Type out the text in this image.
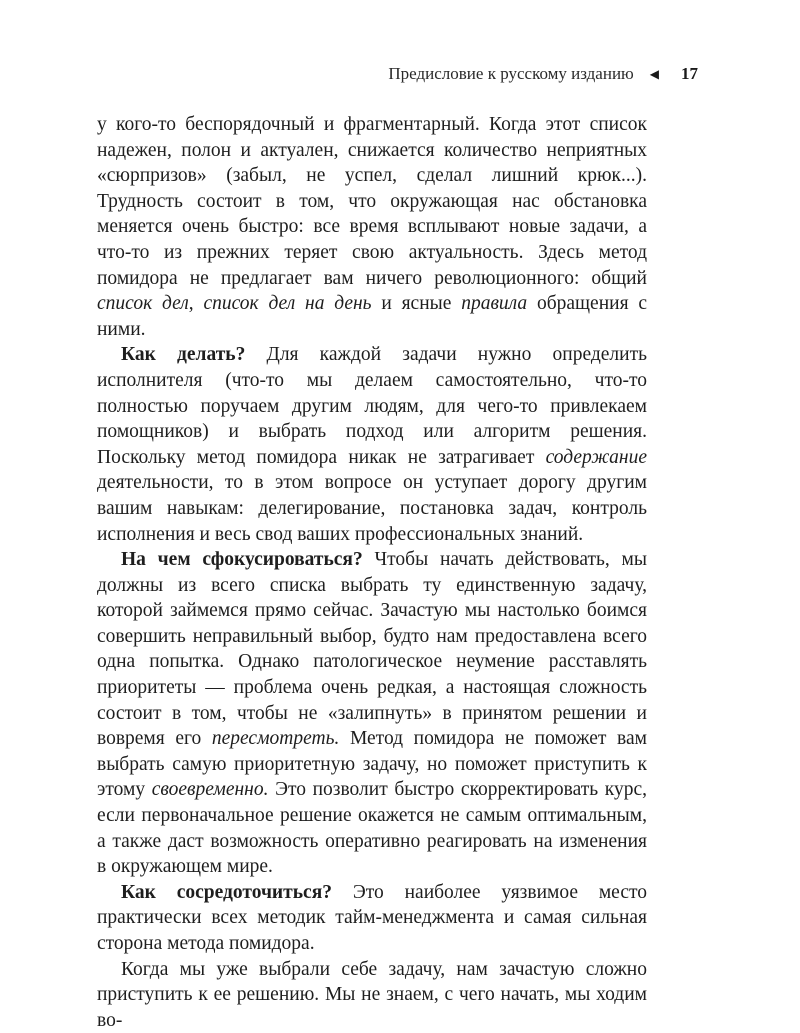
Предисловие к русскому изданию ◀ 17

у кого-то беспорядочный и фрагментарный. Когда этот список надежен, полон и актуален, снижается количество неприятных «сюрпризов» (забыл, не успел, сделал лишний крюк...). Трудность состоит в том, что окружающая нас обстановка меняется очень быстро: все время всплывают новые задачи, а что-то из прежних теряет свою актуальность. Здесь метод помидора не предлагает вам ничего революционного: общий список дел, список дел на день и ясные правила обращения с ними.

Как делать? Для каждой задачи нужно определить исполнителя (что-то мы делаем самостоятельно, что-то полностью поручаем другим людям, для чего-то привлекаем помощников) и выбрать подход или алгоритм решения. Поскольку метод помидора никак не затрагивает содержание деятельности, то в этом вопросе он уступает дорогу другим вашим навыкам: делегирование, постановка задач, контроль исполнения и весь свод ваших профессиональных знаний.

На чем сфокусироваться? Чтобы начать действовать, мы должны из всего списка выбрать ту единственную задачу, которой займемся прямо сейчас. Зачастую мы настолько боимся совершить неправильный выбор, будто нам предоставлена всего одна попытка. Однако патологическое неумение расставлять приоритеты — проблема очень редкая, а настоящая сложность состоит в том, чтобы не «залипнуть» в принятом решении и вовремя его пересмотреть. Метод помидора не поможет вам выбрать самую приоритетную задачу, но поможет приступить к этому своевременно. Это позволит быстро скорректировать курс, если первоначальное решение окажется не самым оптимальным, а также даст возможность оперативно реагировать на изменения в окружающем мире.

Как сосредоточиться? Это наиболее уязвимое место практически всех методик тайм-менеджмента и самая сильная сторона метода помидора.

Когда мы уже выбрали себе задачу, нам зачастую сложно приступить к ее решению. Мы не знаем, с чего начать, мы ходим во-
